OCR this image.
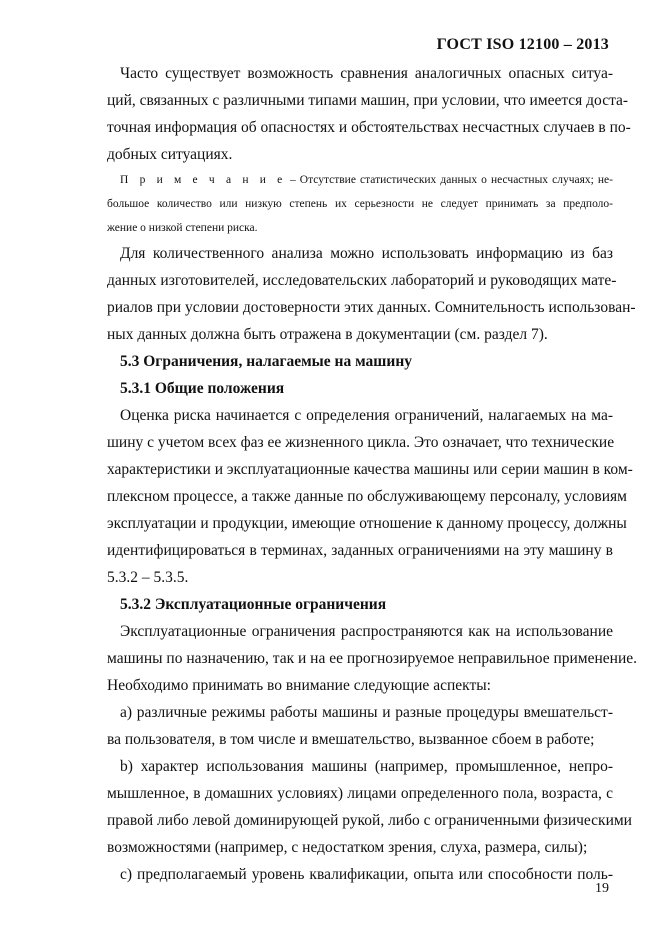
ГОСТ ISO 12100 – 2013
Часто существует возможность сравнения аналогичных опасных ситуа-
ций, связанных с различными типами машин, при условии, что имеется доста-
точная информация об опасностях и обстоятельствах несчастных случаев в по-
добных ситуациях.
П р и м е ч а н и е – Отсутствие статистических данных о несчастных случаях; не-
большое количество или низкую степень их серьезности не следует принимать за предполо-
жение о низкой степени риска.
Для количественного анализа можно использовать информацию из баз
данных изготовителей, исследовательских лабораторий и руководящих мате-
риалов при условии достоверности этих данных. Сомнительность использован-
ных данных должна быть отражена в документации (см. раздел 7).
5.3 Ограничения, налагаемые на машину
5.3.1 Общие положения
Оценка риска начинается с определения ограничений, налагаемых на ма-
шину с учетом всех фаз ее жизненного цикла. Это означает, что технические
характеристики и эксплуатационные качества машины или серии машин в ком-
плексном процессе, а также данные по обслуживающему персоналу, условиям
эксплуатации и продукции, имеющие отношение к данному процессу, должны
идентифицироваться в терминах, заданных ограничениями на эту машину в
5.3.2 – 5.3.5.
5.3.2 Эксплуатационные ограничения
Эксплуатационные ограничения распространяются как на использование
машины по назначению, так и на ее прогнозируемое неправильное применение.
Необходимо принимать во внимание следующие аспекты:
a) различные режимы работы машины и разные процедуры вмешательст-
ва пользователя, в том числе и вмешательство, вызванное сбоем в работе;
b) характер использования машины (например, промышленное, непро-
мышленное, в домашних условиях) лицами определенного пола, возраста, с
правой либо левой доминирующей рукой, либо с ограниченными физическими
возможностями (например, с недостатком зрения, слуха, размера, силы);
c) предполагаемый уровень квалификации, опыта или способности поль-
19
